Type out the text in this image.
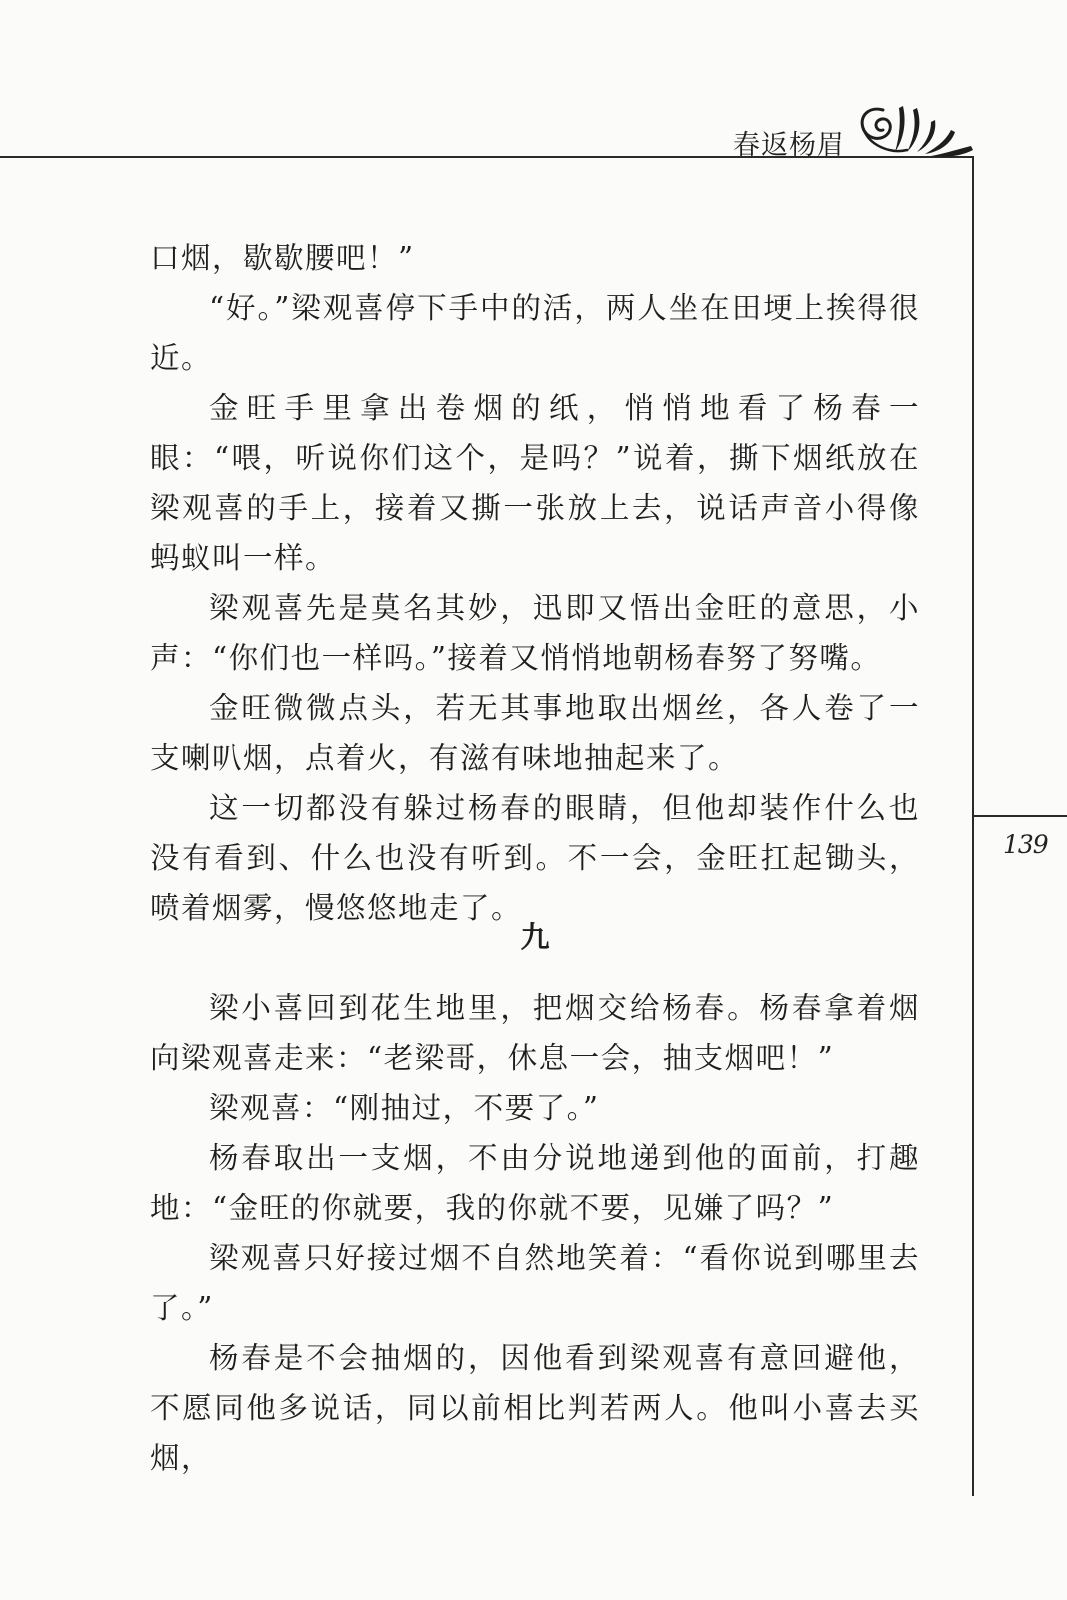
春返杨眉
139

口烟，歇歇腰吧！”

“好。”梁观喜停下手中的活，两人坐在田埂上挨得很近。

金旺手里拿出卷烟的纸，悄悄地看了杨春一眼：“喂，听说你们这个，是吗？”说着，撕下烟纸放在梁观喜的手上，接着又撕一张放上去，说话声音小得像蚂蚁叫一样。

梁观喜先是莫名其妙，迅即又悟出金旺的意思，小声：“你们也一样吗。”接着又悄悄地朝杨春努了努嘴。

金旺微微点头，若无其事地取出烟丝，各人卷了一支喇叭烟，点着火，有滋有味地抽起来了。

这一切都没有躲过杨春的眼睛，但他却装作什么也没有看到、什么也没有听到。不一会，金旺扛起锄头，喷着烟雾，慢悠悠地走了。

九

梁小喜回到花生地里，把烟交给杨春。杨春拿着烟向梁观喜走来：“老梁哥，休息一会，抽支烟吧！”

梁观喜：“刚抽过，不要了。”

杨春取出一支烟，不由分说地递到他的面前，打趣地：“金旺的你就要，我的你就不要，见嫌了吗？”

梁观喜只好接过烟不自然地笑着：“看你说到哪里去了。”

杨春是不会抽烟的，因他看到梁观喜有意回避他，不愿同他多说话，同以前相比判若两人。他叫小喜去买烟，
